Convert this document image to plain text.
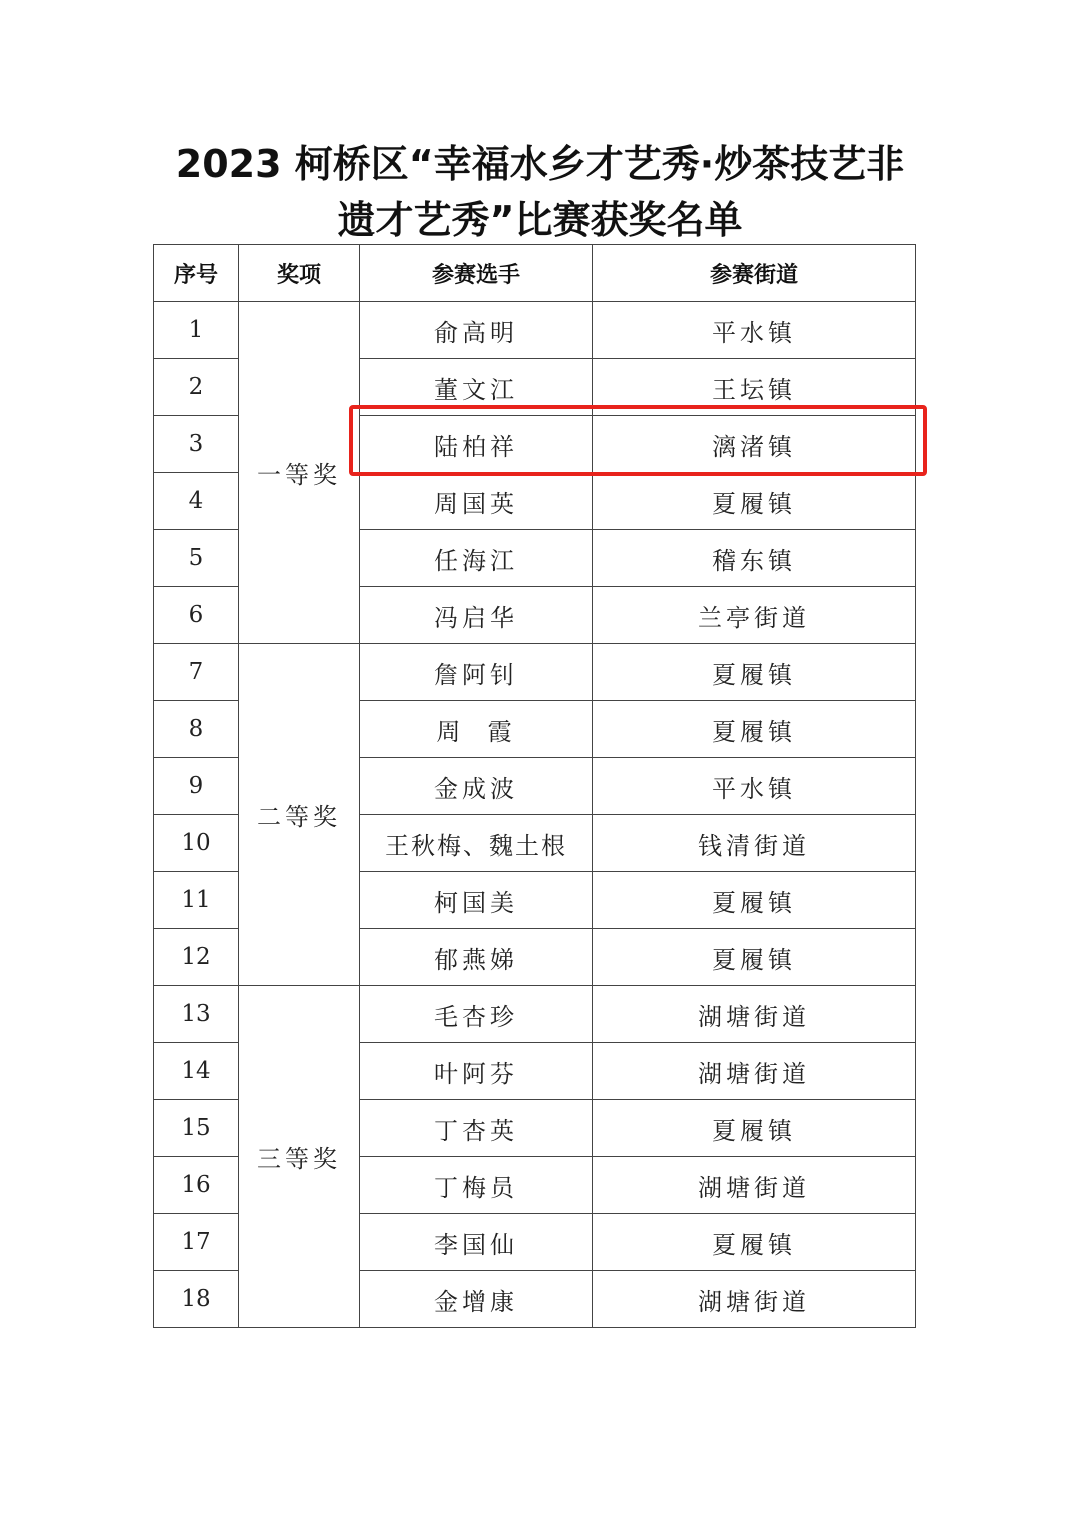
2023 柯桥区“幸福水乡才艺秀·炒茶技艺非
遗才艺秀”比赛获奖名单
序号	奖项	参赛选手	参赛街道
1	一等奖	俞高明	平水镇
2		董文江	王坛镇
3		陆柏祥	漓渚镇
4		周国英	夏履镇
5		任海江	稽东镇
6		冯启华	兰亭街道
7	二等奖	詹阿钊	夏履镇
8		周  霞	夏履镇
9		金成波	平水镇
10		王秋梅、魏土根	钱清街道
11		柯国美	夏履镇
12		郁燕娣	夏履镇
13	三等奖	毛杏珍	湖塘街道
14		叶阿芬	湖塘街道
15		丁杏英	夏履镇
16		丁梅员	湖塘街道
17		李国仙	夏履镇
18		金增康	湖塘街道
